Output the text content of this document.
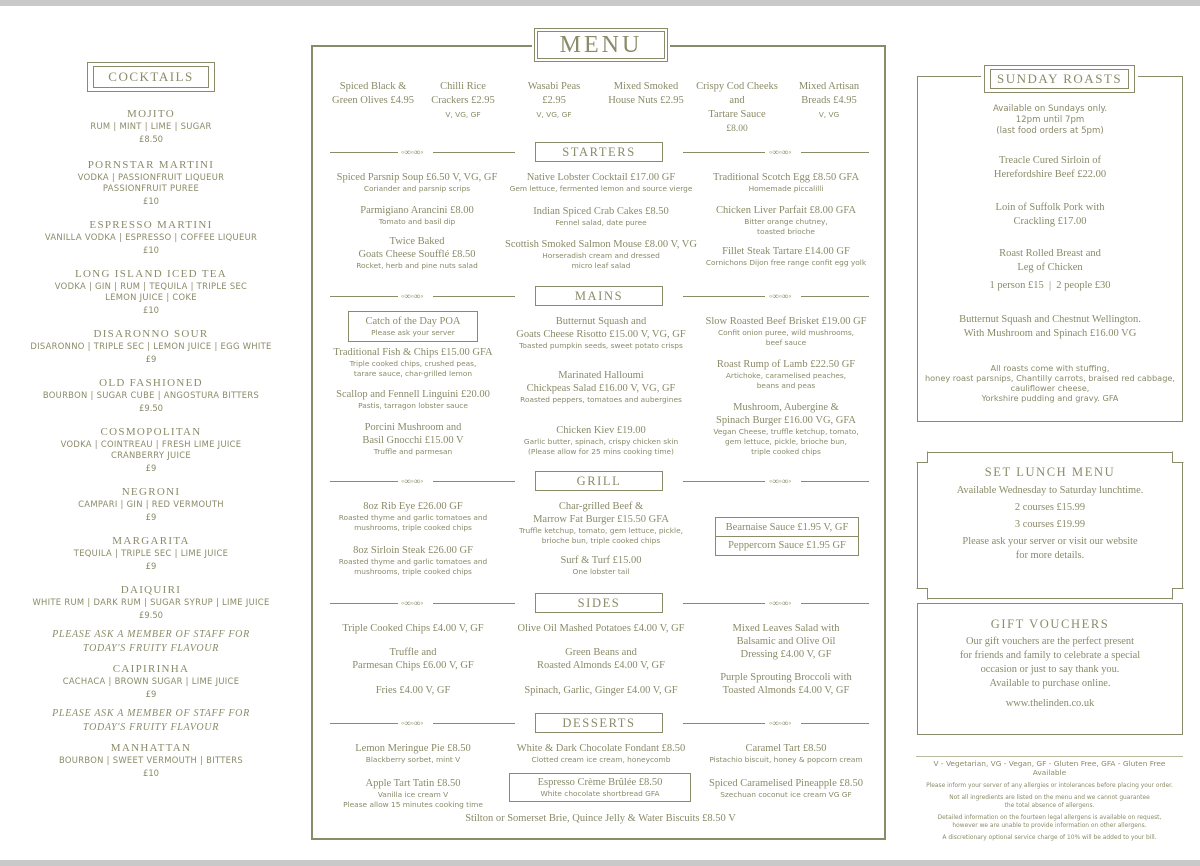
COCKTAILS
MOJITO
RUM | MINT | LIME | SUGAR
£8.50
PORNSTAR MARTINI
VODKA | PASSIONFRUIT LIQUEUR
PASSIONFRUIT PUREE
£10
ESPRESSO MARTINI
VANILLA VODKA | ESPRESSO | COFFEE LIQUEUR
£10
LONG ISLAND ICED TEA
VODKA | GIN | RUM | TEQUILA | TRIPLE SEC
LEMON JUICE | COKE
£10
DISARONNO SOUR
DISARONNO | TRIPLE SEC | LEMON JUICE | EGG WHITE
£9
OLD FASHIONED
BOURBON | SUGAR CUBE | ANGOSTURA BITTERS
£9.50
COSMOPOLITAN
VODKA | COINTREAU | FRESH LIME JUICE
CRANBERRY JUICE
£9
NEGRONI
CAMPARI | GIN | RED VERMOUTH
£9
MARGARITA
TEQUILA | TRIPLE SEC | LIME JUICE
£9
DAIQUIRI
WHITE RUM | DARK RUM | SUGAR SYRUP | LIME JUICE
£9.50
PLEASE ASK A MEMBER OF STAFF FOR
TODAY'S FRUITY FLAVOUR
CAIPIRINHA
CACHACA | BROWN SUGAR | LIME JUICE
£9
PLEASE ASK A MEMBER OF STAFF FOR
TODAY'S FRUITY FLAVOUR
MANHATTAN
BOURBON | SWEET VERMOUTH | BITTERS
£10
MENU
Spiced Black &
Green Olives £4.95
Chilli Rice
Crackers £2.95
V, VG, GF
Wasabi Peas
£2.95
V, VG, GF
Mixed Smoked
House Nuts £2.95
Crispy Cod Cheeks
and
Tartare Sauce
£8.00
Mixed Artisan
Breads £4.95
V, VG
◦∞◦∞◦	STARTERS	◦∞◦∞◦
Spiced Parsnip Soup £6.50 V, VG, GF
Coriander and parsnip scrips
Parmigiano Arancini £8.00
Tomato and basil dip
Twice Baked
Goats Cheese Soufflé £8.50
Rocket, herb and pine nuts salad
Native Lobster Cocktail £17.00 GF
Gem lettuce, fermented lemon and source vierge
Indian Spiced Crab Cakes £8.50
Fennel salad, date puree
Scottish Smoked Salmon Mouse £8.00 V, VG
Horseradish cream and dressed
micro leaf salad
Traditional Scotch Egg £8.50 GFA
Homemade piccalilli
Chicken Liver Parfait £8.00 GFA
Bitter orange chutney,
toasted brioche
Fillet Steak Tartare £14.00 GF
Cornichons Dijon free range confit egg yolk
◦∞◦∞◦	MAINS	◦∞◦∞◦
Catch of the Day POA
Please ask your server
Traditional Fish & Chips £15.00 GFA
Triple cooked chips, crushed peas,
tarare sauce, char-grilled lemon
Scallop and Fennell Linguini £20.00
Pastis, tarragon lobster sauce
Porcini Mushroom and
Basil Gnocchi £15.00 V
Truffle and parmesan
Butternut Squash and
Goats Cheese Risotto £15.00 V, VG, GF
Toasted pumpkin seeds, sweet potato crisps
Marinated Halloumi
Chickpeas Salad £16.00 V, VG, GF
Roasted peppers, tomatoes and aubergines
Chicken Kiev £19.00
Garlic butter, spinach, crispy chicken skin
(Please allow for 25 mins cooking time)
Slow Roasted Beef Brisket £19.00 GF
Confit onion puree, wild mushrooms,
beef sauce
Roast Rump of Lamb £22.50 GF
Artichoke, caramelised peaches,
beans and peas
Mushroom, Aubergine &
Spinach Burger £16.00 VG, GFA
Vegan Cheese, truffle ketchup, tomato,
gem lettuce, pickle, brioche bun,
triple cooked chips
◦∞◦∞◦	GRILL	◦∞◦∞◦
8oz Rib Eye £26.00 GF
Roasted thyme and garlic tomatoes and
mushrooms, triple cooked chips
8oz Sirloin Steak £26.00 GF
Roasted thyme and garlic tomatoes and
mushrooms, triple cooked chips
Char-grilled Beef &
Marrow Fat Burger £15.50 GFA
Truffle ketchup, tomato, gem lettuce, pickle,
brioche bun, triple cooked chips
Surf & Turf £15.00
One lobster tail
Bearnaise Sauce £1.95 V, GF
Peppercorn Sauce £1.95 GF
◦∞◦∞◦	SIDES	◦∞◦∞◦
Triple Cooked Chips £4.00 V, GF
Truffle and
Parmesan Chips £6.00 V, GF
Fries £4.00 V, GF
Olive Oil Mashed Potatoes £4.00 V, GF
Green Beans and
Roasted Almonds £4.00 V, GF
Spinach, Garlic, Ginger £4.00 V, GF
Mixed Leaves Salad with
Balsamic and Olive Oil
Dressing £4.00 V, GF
Purple Sprouting Broccoli with
Toasted Almonds £4.00 V, GF
◦∞◦∞◦	DESSERTS	◦∞◦∞◦
Lemon Meringue Pie £8.50
Blackberry sorbet, mint V
Apple Tart Tatin £8.50
Vanilla ice cream V
Please allow 15 minutes cooking time
White & Dark Chocolate Fondant £8.50
Clotted cream ice cream, honeycomb
Espresso Crème Brûlée £8.50
White chocolate shortbread GFA
Caramel Tart £8.50
Pistachio biscuit, honey & popcorn cream
Spiced Caramelised Pineapple £8.50
Szechuan coconut ice cream VG GF
Stilton or Somerset Brie, Quince Jelly & Water Biscuits £8.50 V
Available on Sundays only.
12pm until 7pm
(last food orders at 5pm)
Treacle Cured Sirloin of
Herefordshire Beef £22.00
Loin of Suffolk Pork with
Crackling £17.00
Roast Rolled Breast and
Leg of Chicken
1 person £15  |  2 people £30
Butternut Squash and Chestnut Wellington.
With Mushroom and Spinach £16.00 VG
All roasts come with stuffing,
honey roast parsnips, Chantilly carrots, braised red cabbage,
cauliflower cheese,
Yorkshire pudding and gravy. GFA
SUNDAY ROASTS
SET LUNCH MENU
Available Wednesday to Saturday lunchtime.
2 courses £15.99
3 courses £19.99
Please ask your server or visit our website
for more details.
GIFT VOUCHERS
Our gift vouchers are the perfect present
for friends and family to celebrate a special
occasion or just to say thank you.
Available to purchase online.
www.thelinden.co.uk
V - Vegetarian, VG - Vegan, GF - Gluten Free, GFA - Gluten Free Available
Please inform your server of any allergies or intolerances before placing your order.
Not all ingredients are listed on the menu and we cannot guarantee
the total absence of allergens.
Detailed information on the fourteen legal allergens is available on request,
however we are unable to provide information on other allergens.
A discretionary optional service charge of 10% will be added to your bill.
